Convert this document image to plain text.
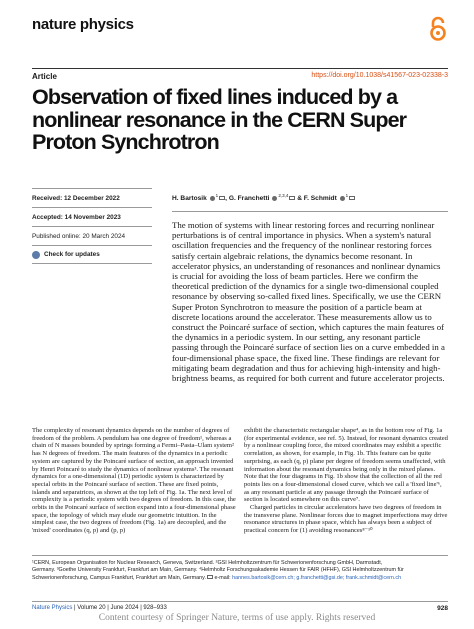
nature physics
Article	https://doi.org/10.1038/s41567-023-02338-3
Observation of fixed lines induced by a nonlinear resonance in the CERN Super Proton Synchrotron
Received: 12 December 2022
Accepted: 14 November 2023
Published online: 20 March 2024
Check for updates
H. Bartosik $^1$ , G. Franchetti $^{2,3,4}$ & F. Schmidt $^1$

The motion of systems with linear restoring forces and recurring nonlinear perturbations is of central importance in physics. When a system's natural oscillation frequencies and the frequency of the nonlinear restoring forces satisfy certain algebraic relations, the dynamics become resonant. In accelerator physics, an understanding of resonances and nonlinear dynamics is crucial for avoiding the loss of beam particles. Here we confirm the theoretical prediction of the dynamics for a single two-dimensional coupled resonance by observing so-called fixed lines. Specifically, we use the CERN Super Proton Synchrotron to measure the position of a particle beam at discrete locations around the accelerator. These measurements allow us to construct the Poincaré surface of section, which captures the main features of the dynamics in a periodic system. In our setting, any resonant particle passing through the Poincaré surface of section lies on a curve embedded in a four-dimensional phase space, the fixed line. These findings are relevant for mitigating beam degradation and thus for achieving high-intensity and high-brightness beams, as required for both current and future accelerator projects.

The complexity of resonant dynamics depends on the number of degrees of freedom of the problem. A pendulum has one degree of freedom¹, whereas a chain of N masses bounded by springs forming a Fermi–Pasta–Ulam system² has N degrees of freedom. The main features of the dynamics in a periodic system are captured by the Poincaré surface of section, an approach invented by Henri Poincaré to study the dynamics of nonlinear systems³. The resonant dynamics for a one-dimensional (1D) periodic system is characterized by special orbits in the Poincaré surface of section. These are fixed points, islands and separatrices, as shown at the top left of Fig. 1a. The next level of complexity is a periodic system with two degrees of freedom. In this case, the orbits in the Poincaré surface of section expand into a four-dimensional phase space, the topology of which may elude our geometric intuition. In the simplest case, the two degrees of freedom (Fig. 1a) are decoupled, and the 'mixed' coordinates (q, p) and (p, p)

exhibit the characteristic rectangular shape⁴, as in the bottom row of Fig. 1a (for experimental evidence, see ref. 5). Instead, for resonant dynamics created by a nonlinear coupling force, the mixed coordinates may exhibit a specific correlation, as shown, for example, in Fig. 1b. This feature can be quite surprising, as each (q, p) plane per degree of freedom seems unaffected, with information about the resonant dynamics being only in the mixed planes. Note that the four diagrams in Fig. 1b show that the collection of all the red points lies on a four-dimensional closed curve, which we call a 'fixed line'⁶, as any resonant particle at any passage through the Poincaré surface of section is located somewhere on this curve⁷.

Charged particles in circular accelerators have two degrees of freedom in the transverse plane. Nonlinear forces due to magnet imperfections may drive resonance structures in phase space, which has always been a subject of practical concern for (1) avoiding resonances⁸⁻¹⁰

¹CERN, European Organisation for Nuclear Research, Geneva, Switzerland. ²GSI Helmholtzzentrum für Schwerionenforschung GmbH, Darmstadt,
Germany. ³Goethe University Frankfurt, Frankfurt am Main, Germany. ⁴Helmholtz Forschungsakademie Hessen für FAIR (HFHF), GSI Helmholtzzentrum für
Schwerionenforschung, Campus Frankfurt, Frankfurt am Main, Germany. e-mail: hannes.bartosik@cern.ch; g.franchetti@gsi.de; frank.schmidt@cern.ch
Nature Physics | Volume 20 | June 2024 | 928–933	928
Content courtesy of Springer Nature, terms of use apply. Rights reserved
